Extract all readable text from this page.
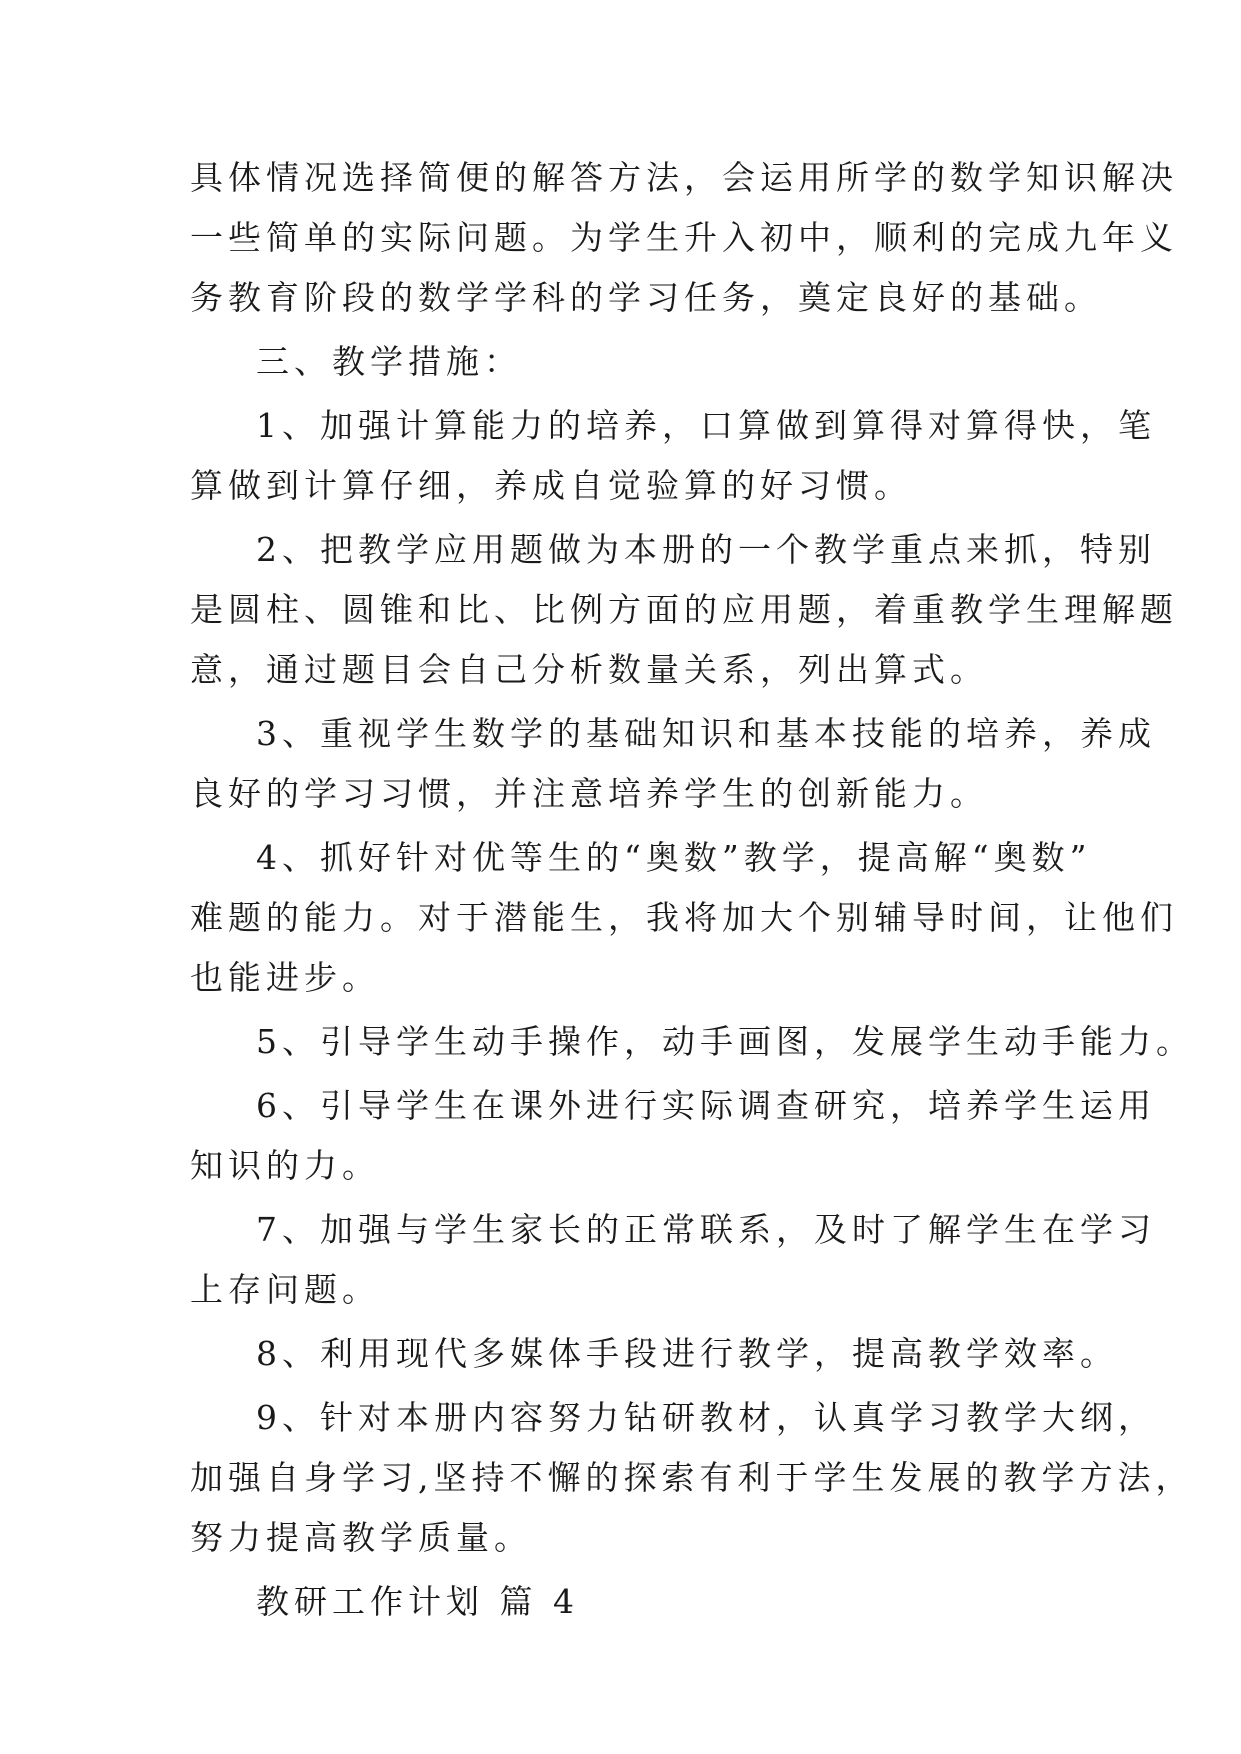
具体情况选择简便的解答方法，会运用所学的数学知识解决
一些简单的实际问题。为学生升入初中，顺利的完成九年义
务教育阶段的数学学科的学习任务，奠定良好的基础。
三、教学措施：
1、加强计算能力的培养，口算做到算得对算得快，笔
算做到计算仔细，养成自觉验算的好习惯。
2、把教学应用题做为本册的一个教学重点来抓，特别
是圆柱、圆锥和比、比例方面的应用题，着重教学生理解题
意，通过题目会自己分析数量关系，列出算式。
3、重视学生数学的基础知识和基本技能的培养，养成
良好的学习习惯，并注意培养学生的创新能力。
4、抓好针对优等生的“奥数”教学，提高解“奥数”
难题的能力。对于潜能生，我将加大个别辅导时间，让他们
也能进步。
5、引导学生动手操作，动手画图，发展学生动手能力。
6、引导学生在课外进行实际调查研究，培养学生运用
知识的力。
7、加强与学生家长的正常联系，及时了解学生在学习
上存问题。
8、利用现代多媒体手段进行教学，提高教学效率。
9、针对本册内容努力钻研教材，认真学习教学大纲，
加强自身学习,坚持不懈的探索有利于学生发展的教学方法，
努力提高教学质量。
教研工作计划 篇 4
